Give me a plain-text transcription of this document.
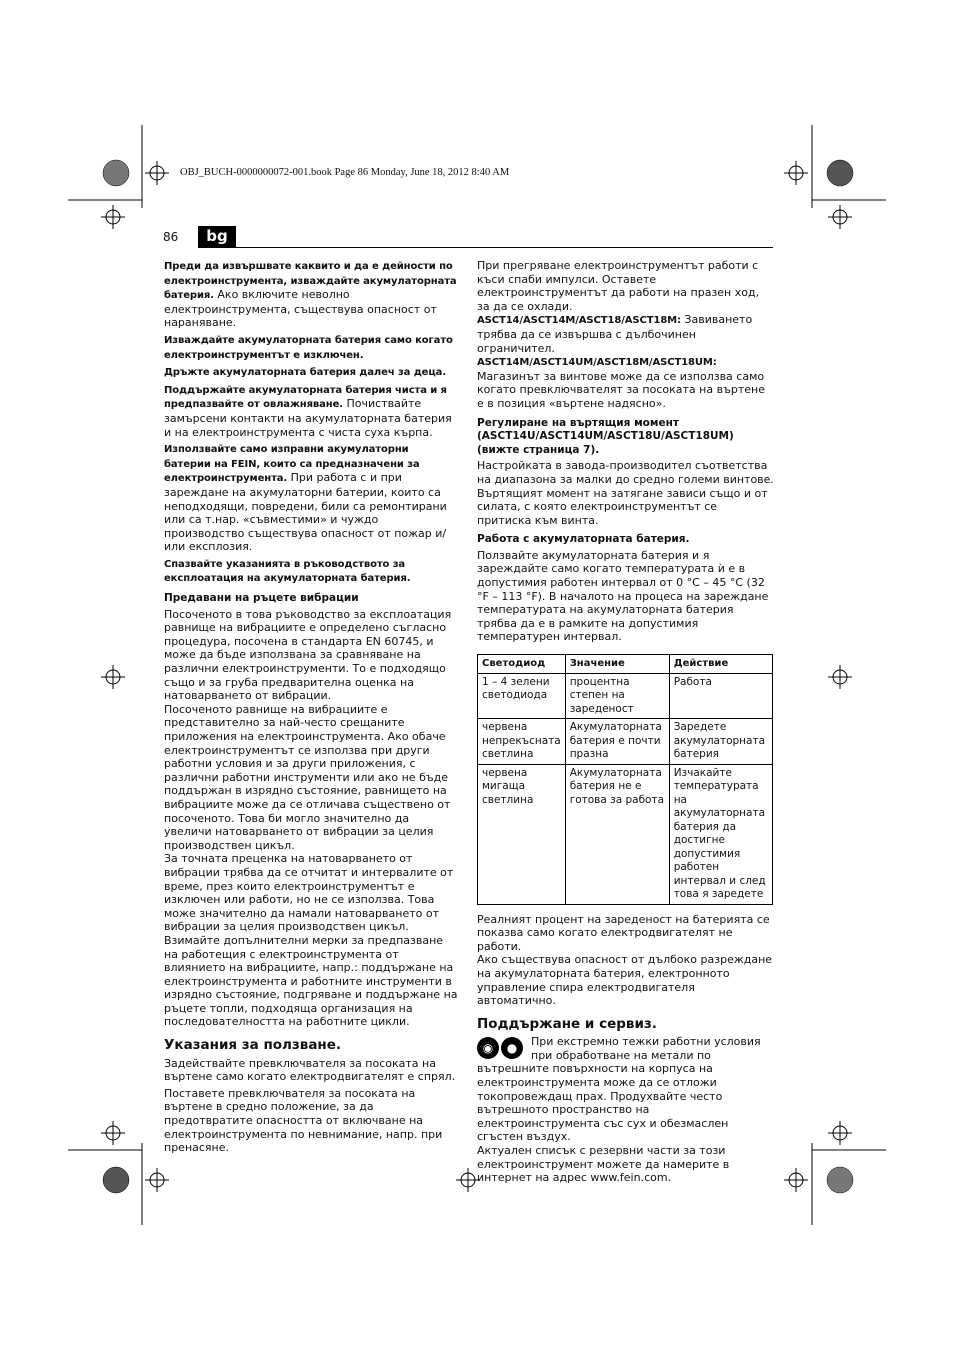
OBJ_BUCH-0000000072-001.book Page 86 Monday, June 18, 2012 8:40 AM
86	bg

Преди да извършвате каквито и да е дейности по електроинструмента, изваждайте акумулаторната батерия. Ако включите неволно електроинструмента, съществува опасност от нараняване.

Изваждайте акумулаторната батерия само когато електроинструментът е изключен.

Дръжте акумулаторната батерия далеч за деца.

Поддържайте акумулаторната батерия чиста и я предпазвайте от овлажняване. Почиствайте замърсени контакти на акумулаторната батерия и на електроинструмента с чиста суха кърпа.

Използвайте само изправни акумулаторни батерии на FEIN, които са предназначени за електроинструмента. При работа с и при зареждане на акумулаторни батерии, които са неподходящи, повредени, били са ремонтирани или са т.нар. «съвместими» и чуждо производство съществува опасност от пожар и/или експлозия.

Спазвайте указанията в ръководството за експлоатация на акумулаторната батерия.

Предавани на ръцете вибрации

Посоченото в това ръководство за експлоатация равнище на вибрациите е определено съгласно процедура, посочена в стандарта EN 60745, и може да бъде използвана за сравняване на различни електроинструменти. То е подходящо също и за груба предварителна оценка на натоварването от вибрации.

Посоченото равнище на вибрациите е представително за най-често срещаните приложения на електроинструмента. Ако обаче електроинструментът се използва при други работни условия и за други приложения, с различни работни инструменти или ако не бъде поддържан в изрядно състояние, равнището на вибрациите може да се отличава съществено от посоченото. Това би могло значително да увеличи натоварването от вибрации за целия производствен цикъл.

За точната преценка на натоварването от вибрации трябва да се отчитат и интервалите от време, през които електроинструментът е изключен или работи, но не се използва. Това може значително да намали натоварването от вибрации за целия производствен цикъл.

Взимайте допълнителни мерки за предпазване на работещия с електроинструмента от влиянието на вибрациите, напр.: поддържане на електроинструмента и работните инструменти в изрядно състояние, подгряване и поддържане на ръцете топли, подходяща организация на последователността на работните цикли.

Указания за ползване.

Задействайте превключвателя за посоката на въртене само когато електродвигателят е спрял.

Поставете превключвателя за посоката на въртене в средно положение, за да предотвратите опасността от включване на електроинструмента по невнимание, напр. при пренасяне.

При прегряване електроинструментът работи с къси спаби импулси. Оставете електроинструментът да работи на празен ход, за да се охлади.

ASCT14/ASCT14M/ASCT18/ASCT18M: Завиването трябва да се извършва с дълбочинен ограничител.

ASCT14M/ASCT14UM/ASCT18M/ASCT18UM: Магазинът за винтове може да се използва само когато превключвателят за посоката на въртене е в позиция «въртене надясно».

Регулиране на въртящия момент (ASCT14U/ASCT14UM/ASCT18U/ASCT18UM) (вижте страница 7).

Настройката в завода-производител съответства на диапазона за малки до средно големи винтове.

Въртящият момент на затягане зависи също и от силата, с която електроинструментът се притиска към винта.

Работа с акумулаторната батерия.

Ползвайте акумулаторната батерия и я зареждайте само когато температурата ѝ е в допустимия работен интервал от 0 °C – 45 °C (32 °F – 113 °F). В началото на процеса на зареждане температурата на акумулаторната батерия трябва да е в рамките на допустимия температурен интервал.

Светодиод	Значение	Действие
1 – 4 зелени светодиода	процентна степен на зареденост	Работа
червена непрекъсната светлина	Акумулаторната батерия е почти празна	Заредете акумулаторната батерия
червена мигаща светлина	Акумулаторната батерия не е готова за работа	Изчакайте температурата на акумулаторната батерия да достигне допустимия работен интервал и след това я заредете

Реалният процент на зареденост на батерията се показва само когато електродвигателят не работи.

Ако съществува опасност от дълбоко разреждане на акумулаторната батерия, електронното управление спира електродвигателя автоматично.

Поддържане и сервиз.

◉ ●	При екстремно тежки работни условия при обработване на метали по вътрешните повърхности на корпуса на електроинструмента може да се отложи токопровеждащ прах. Продухвайте често вътрешното пространство на електроинструмента със сух и обезмаслен сгъстен въздух.

Актуален списък с резервни части за този електроинструмент можете да намерите в интернет на адрес www.fein.com.
